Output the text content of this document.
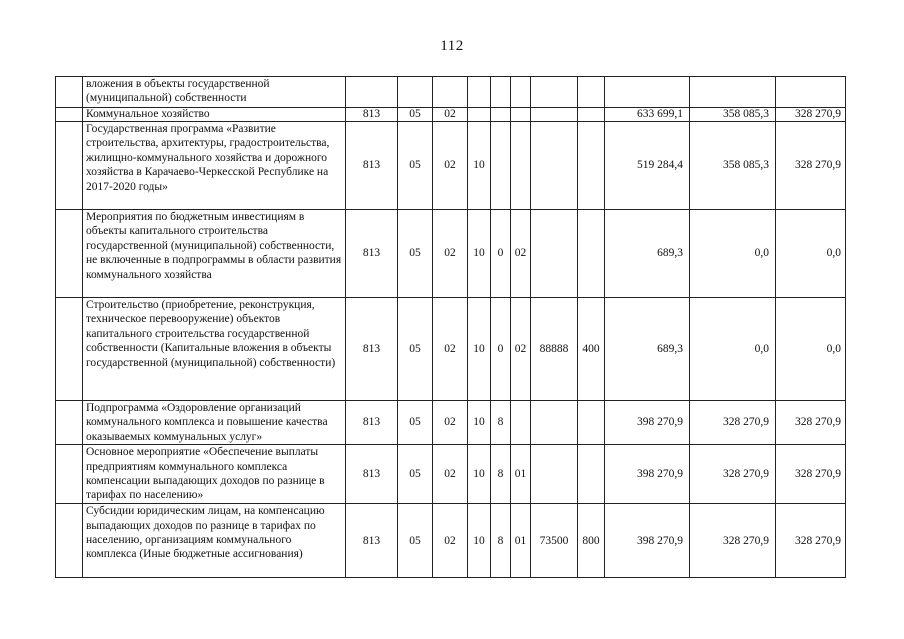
112
	вложения в объекты государственной (муниципальной) собственности											
	Коммунальное хозяйство	813	05	02						633 699,1	358 085,3	328 270,9
	Государственная программа «Развитие строительства, архитектуры, градостроительства, жилищно-коммунального хозяйства и дорожного хозяйства в Карачаево-Черкесской Республике на 2017-2020 годы»	813	05	02	10					519 284,4	358 085,3	328 270,9
	Мероприятия по бюджетным инвестициям в объекты капитального строительства государственной (муниципальной) собственности, не включенные в подпрограммы в области развития коммунального хозяйства	813	05	02	10	0	02			689,3	0,0	0,0
	Строительство (приобретение, реконструкция, техническое перевооружение) объектов капитального строительства государственной собственности (Капитальные вложения в объекты государственной (муниципальной) собственности)	813	05	02	10	0	02	88888	400	689,3	0,0	0,0
	Подпрограмма «Оздоровление организаций коммунального комплекса и повышение качества оказываемых коммунальных услуг»	813	05	02	10	8				398 270,9	328 270,9	328 270,9
	Основное мероприятие «Обеспечение выплаты предприятиям коммунального комплекса компенсации выпадающих доходов по разнице в тарифах по населению»	813	05	02	10	8	01			398 270,9	328 270,9	328 270,9
	Субсидии юридическим лицам, на компенсацию выпадающих доходов по разнице в тарифах по населению, организациям коммунального комплекса (Иные бюджетные ассигнования)	813	05	02	10	8	01	73500	800	398 270,9	328 270,9	328 270,9
